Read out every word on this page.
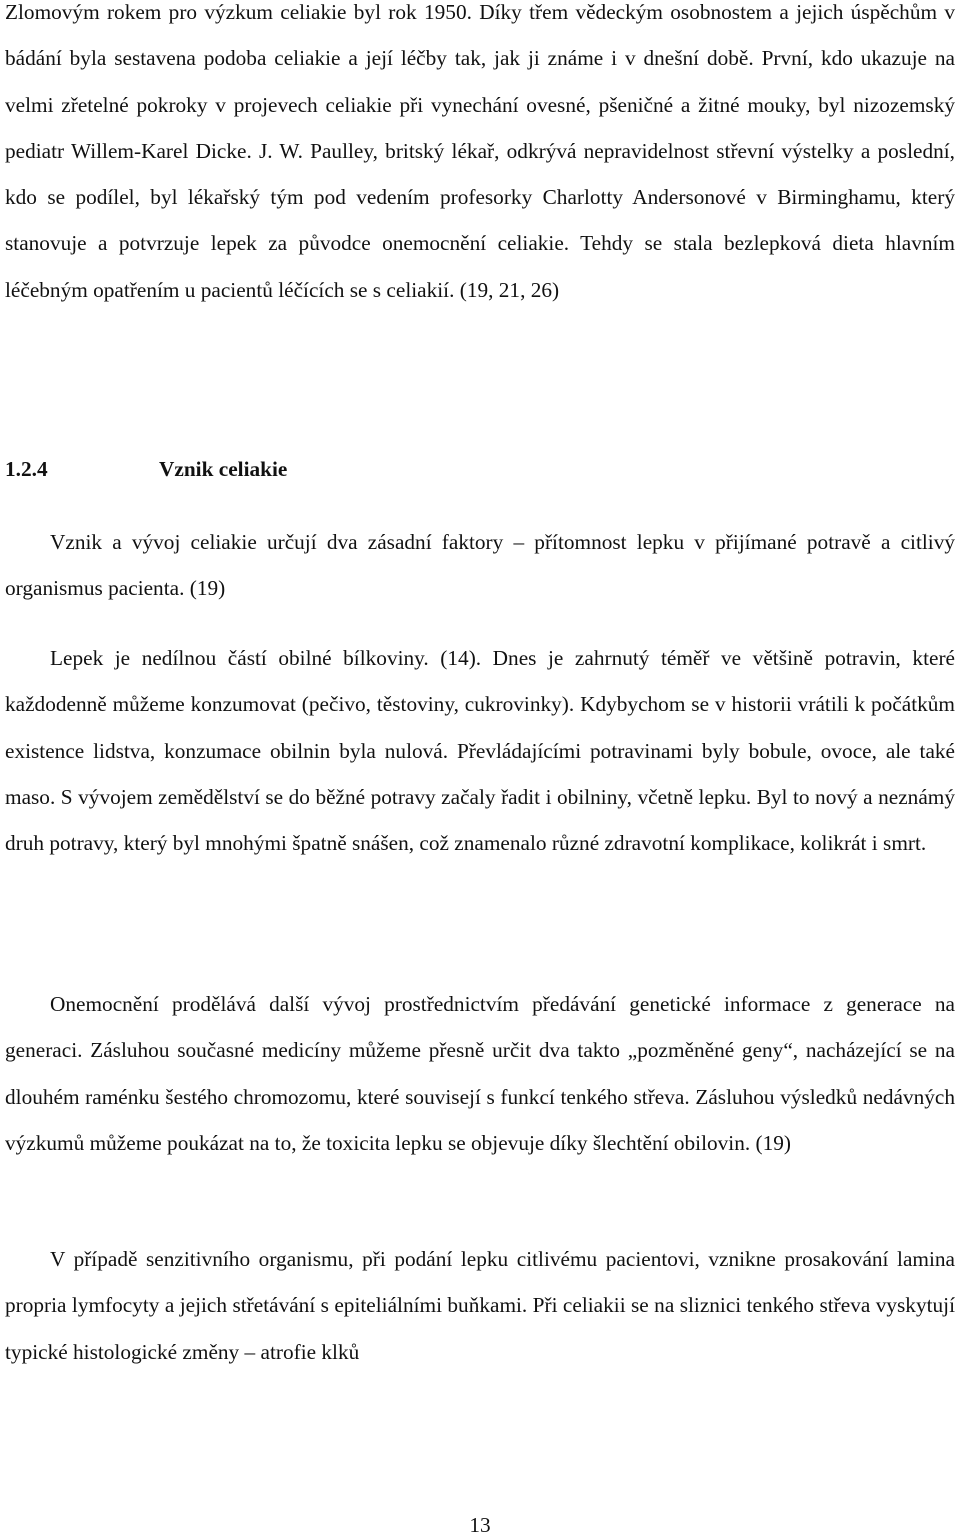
Zlomovým rokem pro výzkum celiakie byl rok 1950. Díky třem vědeckým osobnostem a jejich úspěchům v bádání byla sestavena podoba celiakie a její léčby tak, jak ji známe i v dnešní době. První, kdo ukazuje na velmi zřetelné pokroky v projevech celiakie při vynechání ovesné, pšeničné a žitné mouky, byl nizozemský pediatr Willem-Karel Dicke. J. W. Paulley, britský lékař, odkrývá nepravidelnost střevní výstelky a poslední, kdo se podílel, byl lékařský tým pod vedením profesorky Charlotty Andersonové v Birminghamu, který stanovuje a potvrzuje lepek za původce onemocnění celiakie. Tehdy se stala bezlepková dieta hlavním léčebným opatřením u pacientů léčících se s celiakií. (19, 21, 26)

1.2.4	Vznik celiakie

Vznik a vývoj celiakie určují dva zásadní faktory – přítomnost lepku v přijímané potravě a citlivý organismus pacienta. (19)

Lepek je nedílnou částí obilné bílkoviny. (14). Dnes je zahrnutý téměř ve většině potravin, které každodenně můžeme konzumovat (pečivo, těstoviny, cukrovinky). Kdybychom se v historii vrátili k počátkům existence lidstva, konzumace obilnin byla nulová. Převládajícími potravinami byly bobule, ovoce, ale také maso. S vývojem zemědělství se do běžné potravy začaly řadit i obilniny, včetně lepku. Byl to nový a neznámý druh potravy, který byl mnohými špatně snášen, což znamenalo různé zdravotní komplikace, kolikrát i smrt.

Onemocnění prodělává další vývoj prostřednictvím předávání genetické informace z generace na generaci. Zásluhou současné medicíny můžeme přesně určit dva takto „pozměněné geny“, nacházející se na dlouhém raménku šestého chromozomu, které souvisejí s funkcí tenkého střeva. Zásluhou výsledků nedávných výzkumů můžeme poukázat na to, že toxicita lepku se objevuje díky šlechtění obilovin. (19)

V případě senzitivního organismu, při podání lepku citlivému pacientovi, vznikne prosakování lamina propria lymfocyty a jejich střetávání s epiteliálními buňkami. Při celiakii se na sliznici tenkého střeva vyskytují typické histologické změny – atrofie klků

13
